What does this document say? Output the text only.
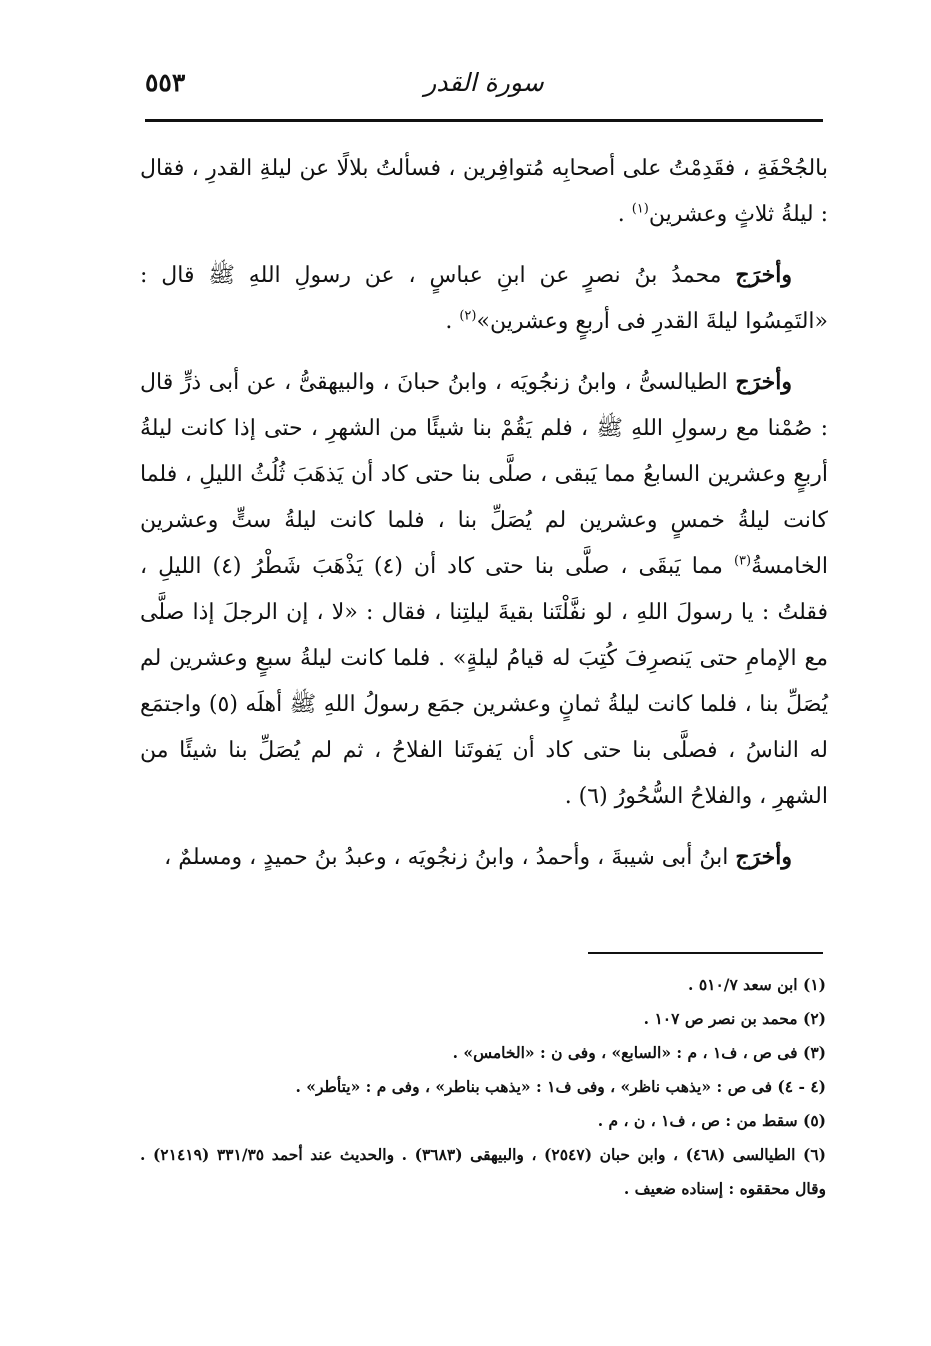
٥٥٣	سورة القدر

بالجُحْفَةِ ، فقَدِمْتُ على أصحابِه مُتوافِرين ، فسألتُ بلالًا عن ليلةِ القدرِ ، فقال : ليلةُ ثلاثٍ وعشرين$^{(١)}$ .

وأخرَج محمدُ بنُ نصرٍ عن ابنِ عباسٍ ، عن رسولِ اللهِ ﷺ قال : «التَمِسُوا ليلةَ القدرِ فى أربعٍ وعشرين»$^{(٢)}$ .

وأخرَج الطيالسىُّ ، وابنُ زنجُويَه ، وابنُ حبانَ ، والبيهقىُّ ، عن أبى ذرٍّ قال : صُمْنا مع رسولِ اللهِ ﷺ ، فلم يَقُمْ بنا شيئًا من الشهرِ ، حتى إذا كانت ليلةُ أربعٍ وعشرين السابعُ مما يَبقى ، صلَّى بنا حتى كاد أن يَذهَبَ ثُلُثُ الليلِ ، فلما كانت ليلةُ خمسٍ وعشرين لم يُصَلِّ بنا ، فلما كانت ليلةُ ستٍّ وعشرين الخامسةُ$^{(٣)}$ مما يَبقَى ، صلَّى بنا حتى كاد أن (٤) يَذْهَبَ شَطْرُ (٤) الليلِ ، فقلتُ : يا رسولَ اللهِ ، لو نفَّلْتَنا بقيةَ ليلتِنا ، فقال : «لا ، إن الرجلَ إذا صلَّى مع الإمامِ حتى يَنصرِفَ كُتِبَ له قيامُ ليلةٍ» . فلما كانت ليلةُ سبعٍ وعشرين لم يُصَلِّ بنا ، فلما كانت ليلةُ ثمانٍ وعشرين جمَع رسولُ اللهِ ﷺ أهلَه (٥) واجتمَع له الناسُ ، فصلَّى بنا حتى كاد أن يَفوتَنا الفلاحُ ، ثم لم يُصَلِّ بنا شيئًا من الشهرِ ، والفلاحُ السُّحُورُ (٦) .

وأخرَج ابنُ أبى شيبةَ ، وأحمدُ ، وابنُ زنجُويَه ، وعبدُ بنُ حميدٍ ، ومسلمٌ ،

(١) ابن سعد ٥١٠/٧ .

(٢) محمد بن نصر ص ١٠٧ .

(٣) فى ص ، ف١ ، م : «السابع» ، وفى ن : «الخامس» .

(٤ - ٤) فى ص : «يذهب ناظر» ، وفى ف١ : «يذهب بناطر» ، وفى م : «يتأطر» .

(٥) سقط من : ص ، ف١ ، ن ، م .

(٦) الطيالسى (٤٦٨) ، وابن حبان (٢٥٤٧) ، والبيهقى (٣٦٨٣) . والحديث عند أحمد ٣٣١/٣٥ (٢١٤١٩) . وقال محققوه : إسناده ضعيف .
